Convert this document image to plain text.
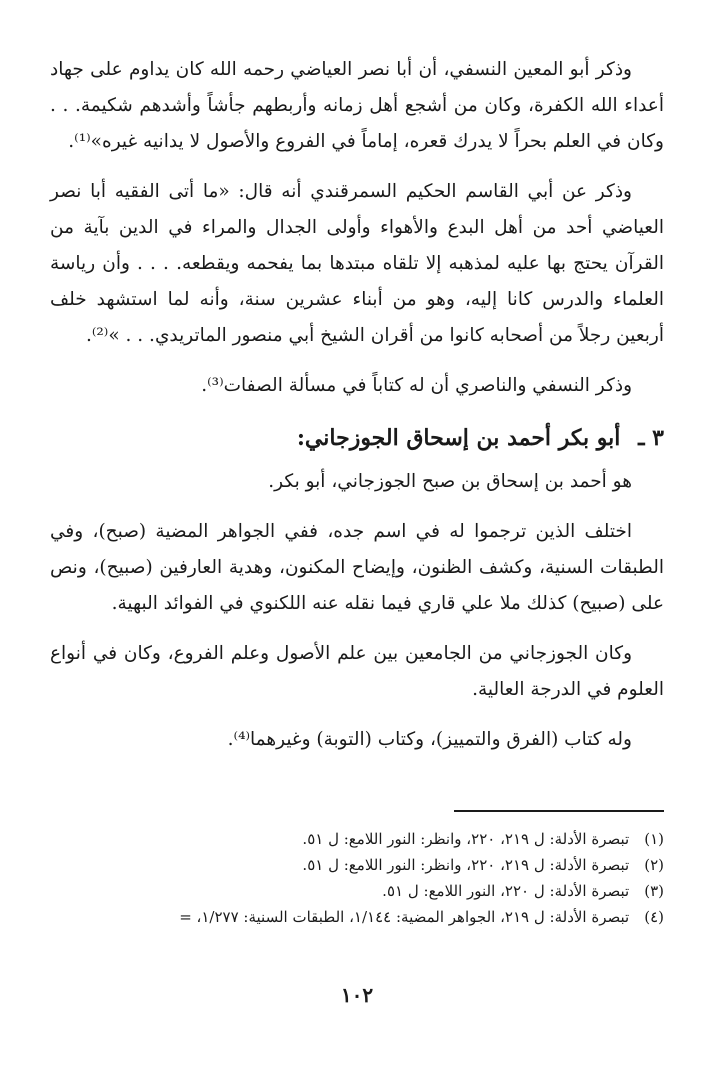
وذكر أبو المعين النسفي، أن أبا نصر العياضي رحمه الله كان يداوم على جهاد أعداء الله الكفرة، وكان من أشجع أهل زمانه وأربطهم جأشاً وأشدهم شكيمة. . . وكان في العلم بحراً لا يدرك قعره، إماماً في الفروع والأصول لا يدانيه غيره»⁽¹⁾.

وذكر عن أبي القاسم الحكيم السمرقندي أنه قال: «ما أتى الفقيه أبا نصر العياضي أحد من أهل البدع والأهواء وأولى الجدال والمراء في الدين بآية من القرآن يحتج بها عليه لمذهبه إلا تلقاه مبتدها بما يفحمه ويقطعه. . . . وأن رياسة العلماء والدرس كانا إليه، وهو من أبناء عشرين سنة، وأنه لما استشهد خلف أربعين رجلاً من أصحابه كانوا من أقران الشيخ أبي منصور الماتريدي. . . »⁽²⁾.

وذكر النسفي والناصري أن له كتاباً في مسألة الصفات⁽³⁾.

٣ ـ أبو بكر أحمد بن إسحاق الجوزجاني:

هو أحمد بن إسحاق بن صبح الجوزجاني، أبو بكر.

اختلف الذين ترجموا له في اسم جده، ففي الجواهر المضية (صبح)، وفي الطبقات السنية، وكشف الظنون، وإيضاح المكنون، وهدية العارفين (صبيح)، ونص على (صبيح) كذلك ملا علي قاري فيما نقله عنه اللكنوي في الفوائد البهية.

وكان الجوزجاني من الجامعين بين علم الأصول وعلم الفروع، وكان في أنواع العلوم في الدرجة العالية.

وله كتاب (الفرق والتمييز)، وكتاب (التوبة) وغيرهما⁽⁴⁾.

(١) تبصرة الأدلة: ل ٢١٩، ٢٢٠، وانظر: النور اللامع: ل ٥١.
(٢) تبصرة الأدلة: ل ٢١٩، ٢٢٠، وانظر: النور اللامع: ل ٥١.
(٣) تبصرة الأدلة: ل ٢٢٠، النور اللامع: ل ٥١.
(٤) تبصرة الأدلة: ل ٢١٩، الجواهر المضية: ١/١٤٤، الطبقات السنية: ١/٢٧٧، =
١٠٢
